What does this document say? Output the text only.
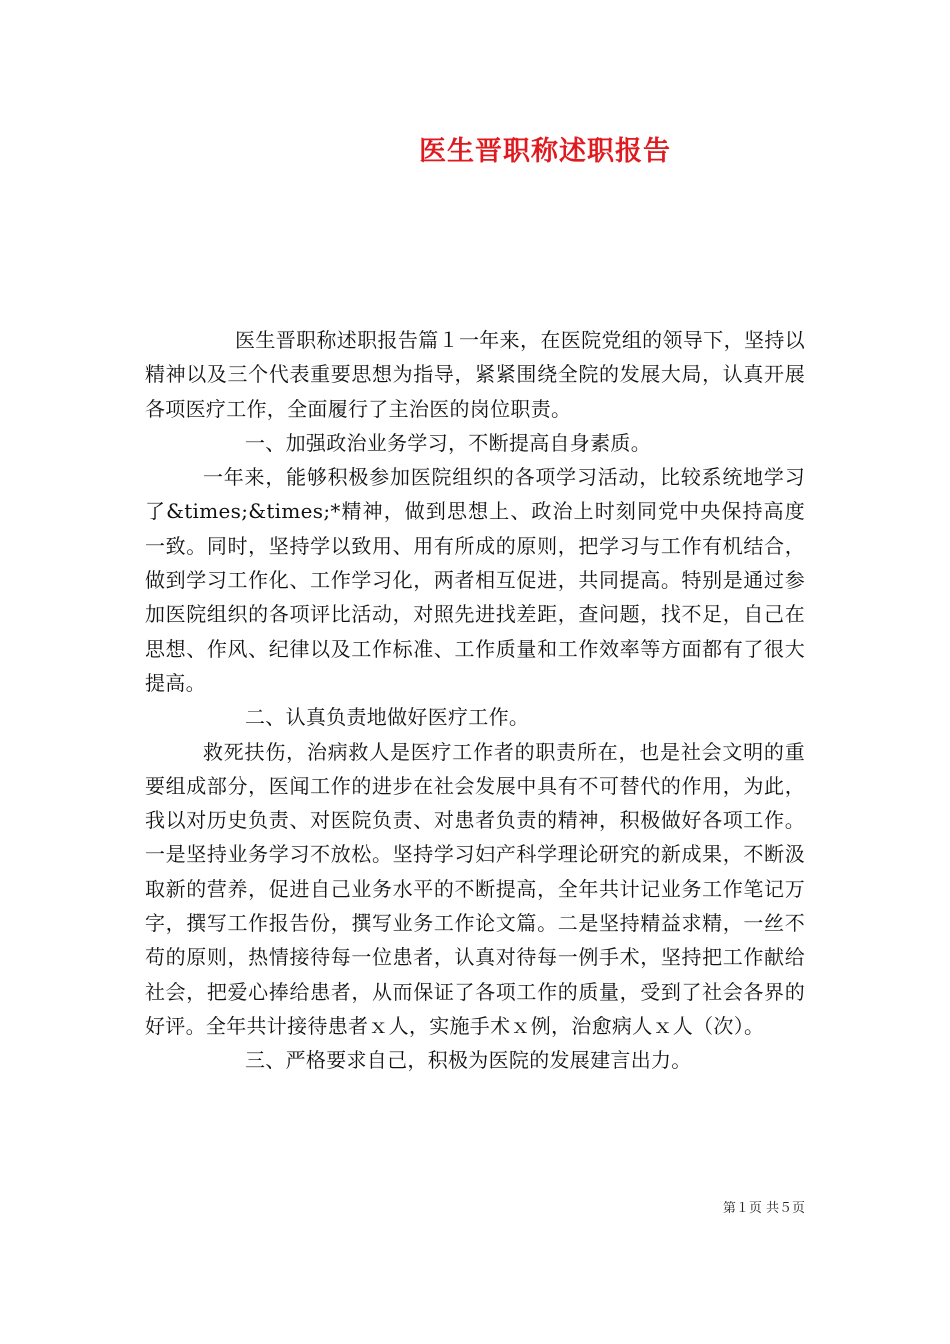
医生晋职称述职报告

医生晋职称述职报告篇１一年来，在医院党组的领导下，坚持以精神以及三个代表重要思想为指导，紧紧围绕全院的发展大局，认真开展各项医疗工作，全面履行了主治医的岗位职责。

一、加强政治业务学习，不断提高自身素质。

一年来，能够积极参加医院组织的各项学习活动，比较系统地学习了&times;&times;*精神，做到思想上、政治上时刻同党中央保持高度一致。同时，坚持学以致用、用有所成的原则，把学习与工作有机结合，做到学习工作化、工作学习化，两者相互促进，共同提高。特别是通过参加医院组织的各项评比活动，对照先进找差距，查问题，找不足，自己在思想、作风、纪律以及工作标准、工作质量和工作效率等方面都有了很大提高。

二、认真负责地做好医疗工作。

救死扶伤，治病救人是医疗工作者的职责所在，也是社会文明的重要组成部分，医闻工作的进步在社会发展中具有不可替代的作用，为此，我以对历史负责、对医院负责、对患者负责的精神，积极做好各项工作。一是坚持业务学习不放松。坚持学习妇产科学理论研究的新成果，不断汲取新的营养，促进自己业务水平的不断提高，全年共计记业务工作笔记万字，撰写工作报告份，撰写业务工作论文篇。二是坚持精益求精，一丝不苟的原则，热情接待每一位患者，认真对待每一例手术，坚持把工作献给社会，把爱心捧给患者，从而保证了各项工作的质量，受到了社会各界的好评。全年共计接待患者ｘ人，实施手术ｘ例，治愈病人ｘ人（次）。

三、严格要求自己，积极为医院的发展建言出力。

第１页 共５页
